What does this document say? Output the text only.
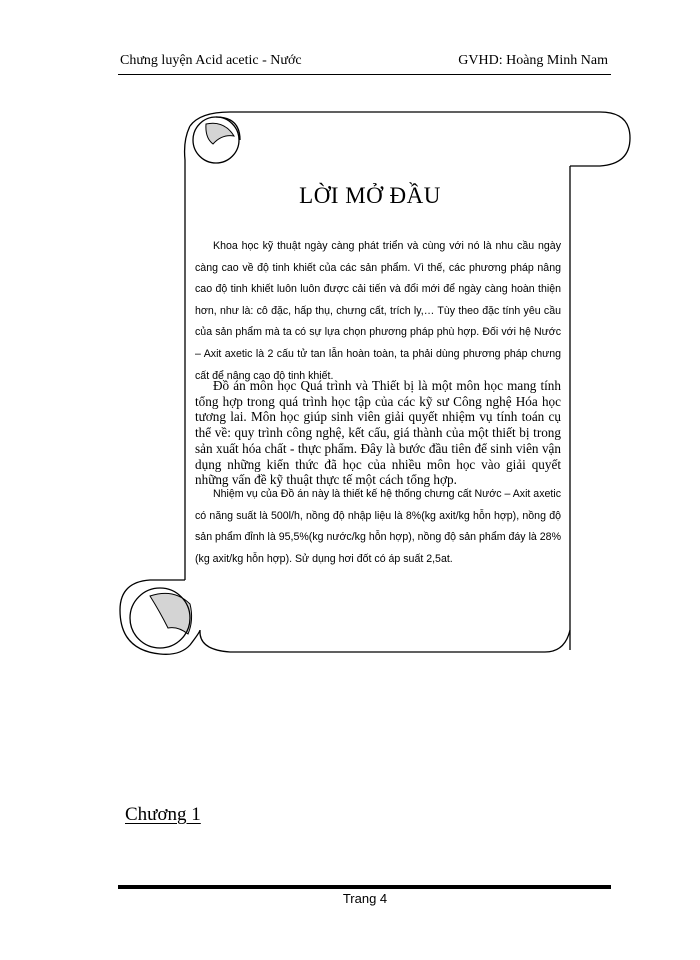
Chưng luyện Acid acetic - Nước	GVHD: Hoàng Minh Nam
LỜI MỞ ĐẦU

Khoa học kỹ thuật ngày càng phát triển và cùng với nó là nhu cầu ngày càng cao về độ tinh khiết của các sản phẩm. Vì thế, các phương pháp nâng cao độ tinh khiết luôn luôn được cải tiến và đổi mới để ngày càng hoàn thiện hơn, như là: cô đặc, hấp thụ, chưng cất, trích ly,… Tùy theo đặc tính yêu cầu của sản phẩm mà ta có sự lựa chọn phương pháp phù hợp. Đối với hệ Nước – Axit axetic là 2 cấu tử tan lẫn hoàn toàn, ta phải dùng phương pháp chưng cất để nâng cao độ tinh khiết.

Đồ án môn học Quá trình và Thiết bị là một môn học mang tính tổng hợp trong quá trình học tập của các kỹ sư Công nghệ Hóa học tương lai. Môn học giúp sinh viên giải quyết nhiệm vụ tính toán cụ thể về: quy trình công nghệ, kết cấu, giá thành của một thiết bị trong sản xuất hóa chất - thực phẩm. Đây là bước đầu tiên để sinh viên vận dụng những kiến thức đã học của nhiều môn học vào giải quyết những vấn đề kỹ thuật thực tế một cách tổng hợp.

Nhiệm vụ của Đồ án này là thiết kế hệ thống chưng cất Nước – Axit axetic có năng suất là 500l/h, nồng độ nhập liệu là 8%(kg axit/kg hỗn hợp), nồng độ sản phẩm đỉnh là 95,5%(kg nước/kg hỗn hợp), nồng độ sản phẩm đáy là 28%(kg axit/kg hỗn hợp). Sử dụng hơi đốt có áp suất 2,5at.

Chương 1
Trang 4
